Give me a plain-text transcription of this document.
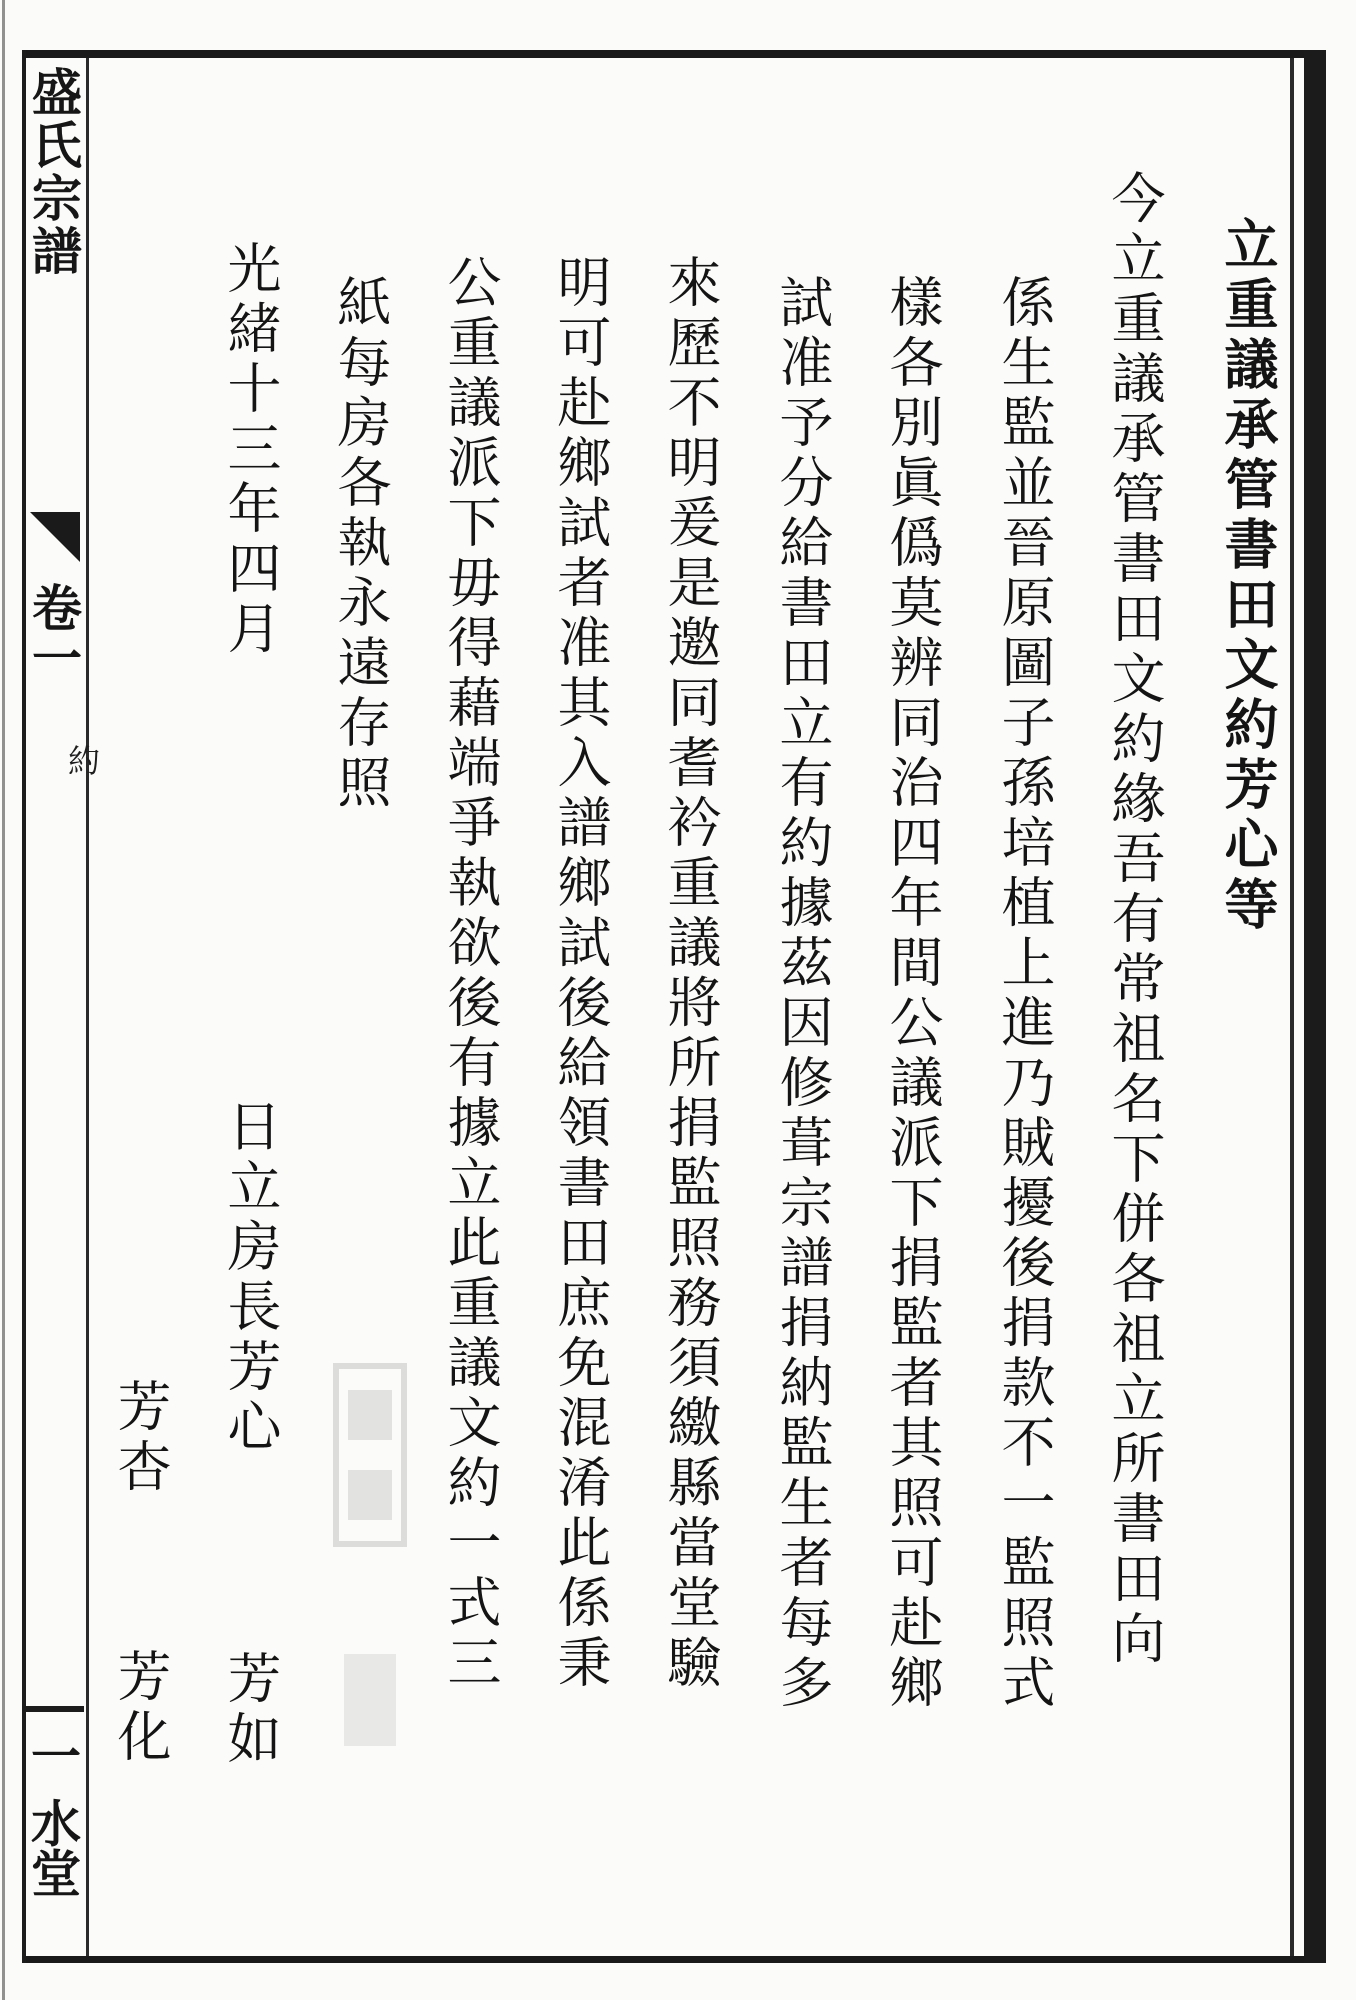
盛氏宗譜
卷一
約
一 水堂
立重議承管書田文約芳心等
今立重議承管書田文約緣吾有常祖名下併各祖立所書田向
係生監並晉原圖子孫培植上進乃賊擾後捐款不一監照式
樣各別眞僞莫辨同治四年間公議派下捐監者其照可赴鄉
試准予分給書田立有約據茲因修葺宗譜捐納監生者每多
來歷不明爰是邀同耆衿重議將所捐監照務須繳縣當堂驗
明可赴鄉試者准其入譜鄉試後給領書田庶免混淆此係秉
公重議派下毋得藉端爭執欲後有據立此重議文約一式三
紙每房各執永遠存照
光緒十三年四月
日立房長芳心
芳如
芳杏
芳化
